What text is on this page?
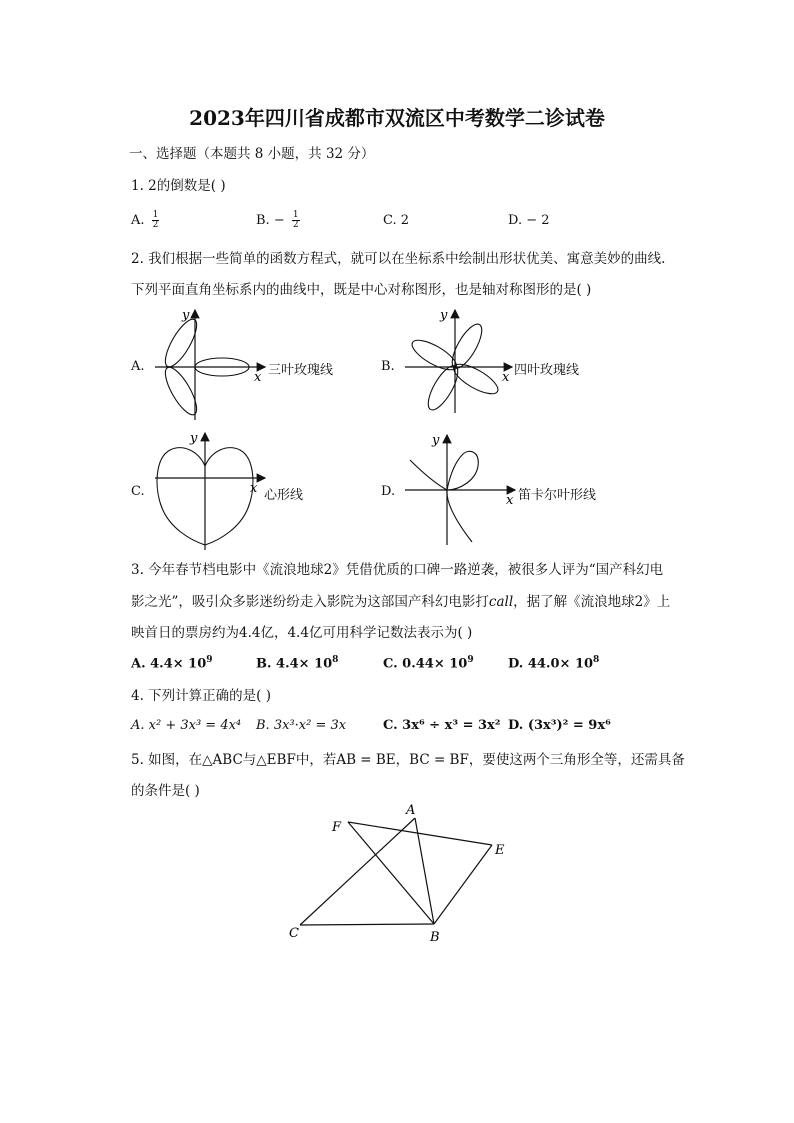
2023年四川省成都市双流区中考数学二诊试卷
一、选择题（本题共 8 小题，共 32 分）
1. 2的倒数是( )
A. $\frac{1}{2}$	B. − $\frac{1}{2}$	C. 2	D. − 2
2. 我们根据一些简单的函数方程式，就可以在坐标系中绘制出形状优美、寓意美妙的曲线.
下列平面直角坐标系内的曲线中，既是中心对称图形，也是轴对称图形的是( )
A.	B.
C.	D.
x
y
三叶玫瑰线	x
y
四叶玫瑰线
x
y
心形线	x
y
笛卡尔叶形线
3. 今年春节档电影中《流浪地球2》凭借优质的口碑一路逆袭，被很多人评为“国产科幻电
影之光”，吸引众多影迷纷纷走入影院为这部国产科幻电影打call，据了解《流浪地球2》上
映首日的票房约为4.4亿，4.4亿可用科学记数法表示为( )
A. $4.4\times 10^9$	B. $4.4\times 10^8$	C. $0.44\times 10^9$	D. $44.0\times 10^8$
4. 下列计算正确的是( )
A. x² + 3x³ = 4x⁴ B. 3x³·x² = 3x	C. 3x⁶ ÷ x³ = 3x² D. (3x³)² = 9x⁶
5. 如图，在△ABC与△EBF中，若AB = BE，BC = BF，要使这两个三角形全等，还需具备
的条件是( )
A
B
C
E
F
